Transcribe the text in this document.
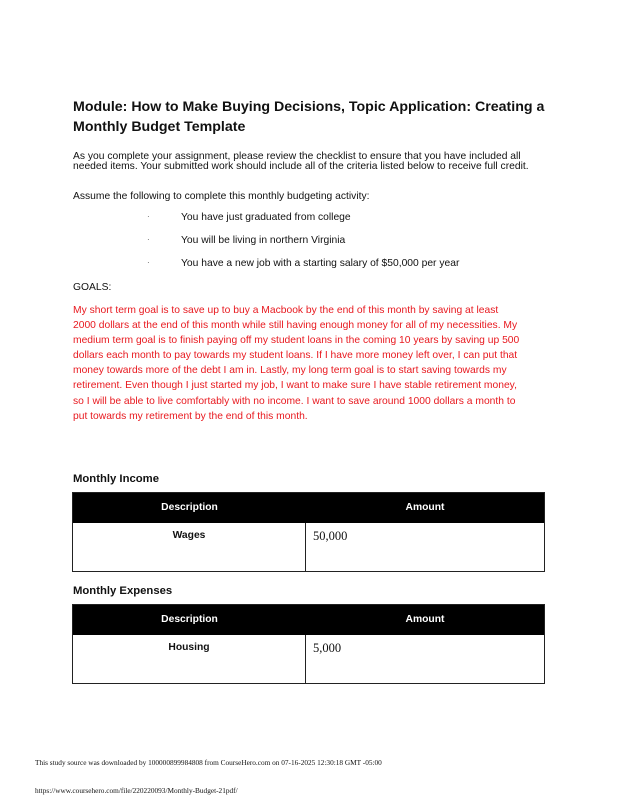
Module: How to Make Buying Decisions, Topic Application: Creating a Monthly Budget Template
As you complete your assignment, please review the checklist to ensure that you have included all needed items. Your submitted work should include all of the criteria listed below to receive full credit.
Assume the following to complete this monthly budgeting activity:
·	You have just graduated from college
·	You will be living in northern Virginia
·	You have a new job with a starting salary of $50,000 per year
GOALS:
My short term goal is to save up to buy a Macbook by the end of this month by saving at least 2000 dollars at the end of this month while still having enough money for all of my necessities. My medium term goal is to finish paying off my student loans in the coming 10 years by saving up 500 dollars each month to pay towards my student loans. If I have more money left over, I can put that money towards more of the debt I am in. Lastly, my long term goal is to start saving towards my retirement. Even though I just started my job, I want to make sure I have stable retirement money, so I will be able to live comfortably with no income. I want to save around 1000 dollars a month to put towards my retirement by the end of this month.
Monthly Income
Description	Amount
Wages	50,000
Monthly Expenses
Description	Amount
Housing	5,000
This study source was downloaded by 100000899984808 from CourseHero.com on 07-16-2025 12:30:18 GMT -05:00
https://www.coursehero.com/file/220220093/Monthly-Budget-21pdf/
